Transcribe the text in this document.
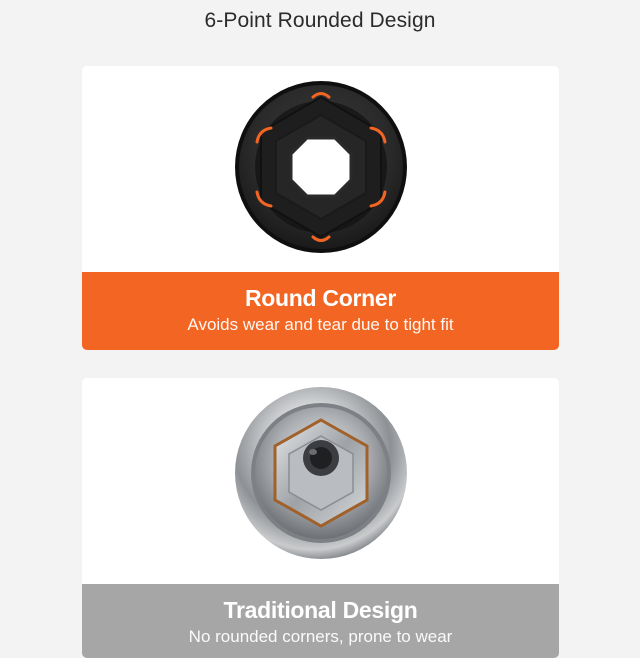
6-Point Rounded Design
Round Corner
Avoids wear and tear due to tight fit
Traditional Design
No rounded corners, prone to wear
